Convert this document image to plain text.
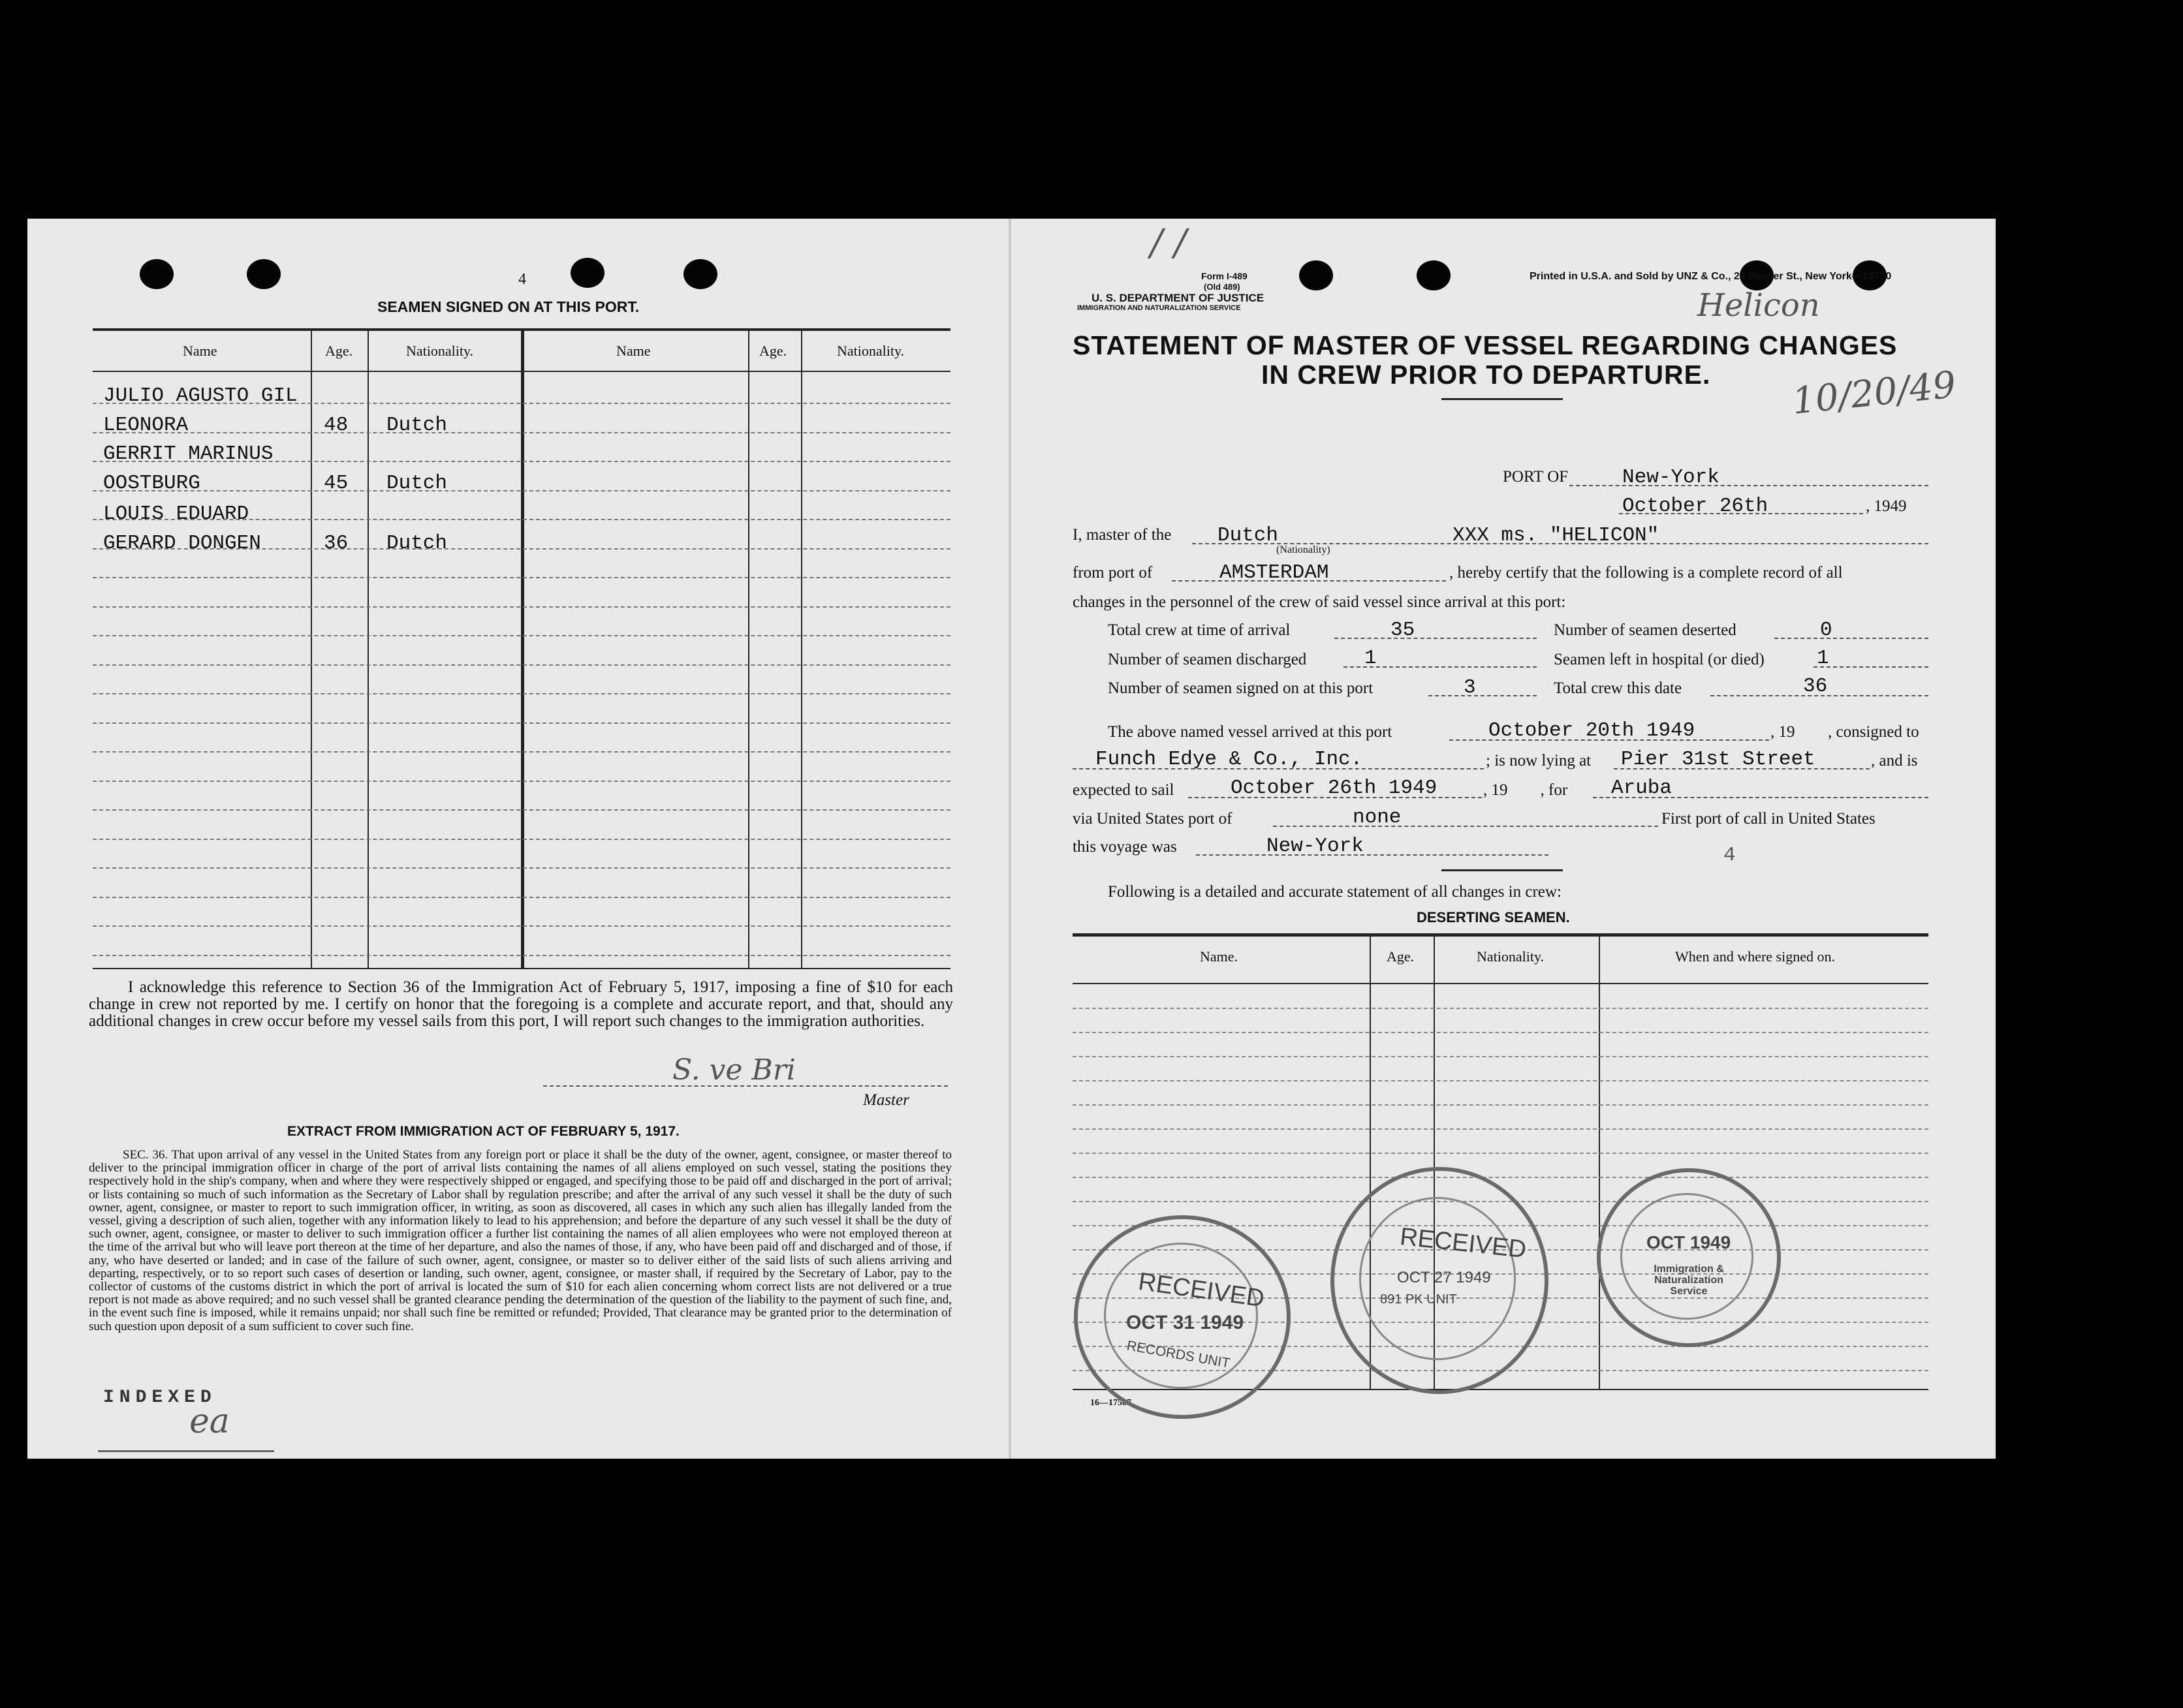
4
SEAMEN SIGNED ON AT THIS PORT.
Name	Age.	Nationality.	Name	Age.	Nationality.
JULIO AGUSTO GIL
LEONORA	48 Dutch
GERRIT MARINUS
OOSTBURG	45 Dutch
LOUIS EDUARD
GERARD DONGEN	36 Dutch
I acknowledge this reference to Section 36 of the Immigration Act of February 5, 1917, imposing a fine of $10 for each change in crew not reported by me. I certify on honor that the foregoing is a complete and accurate report, and that, should any additional changes in crew occur before my vessel sails from this port, I will report such changes to the immigration authorities.
S. ve Bri
Master
EXTRACT FROM IMMIGRATION ACT OF FEBRUARY 5, 1917.
SEC. 36. That upon arrival of any vessel in the United States from any foreign port or place it shall be the duty of the owner, agent, consignee, or master thereof to deliver to the principal immigration officer in charge of the port of arrival lists containing the names of all aliens employed on such vessel, stating the positions they respectively hold in the ship's company, when and where they were respectively shipped or engaged, and specifying those to be paid off and discharged in the port of arrival; or lists containing so much of such information as the Secretary of Labor shall by regulation prescribe; and after the arrival of any such vessel it shall be the duty of such owner, agent, consignee, or master to report to such immigration officer, in writing, as soon as discovered, all cases in which any such alien has illegally landed from the vessel, giving a description of such alien, together with any information likely to lead to his apprehension; and before the departure of any such vessel it shall be the duty of such owner, agent, consignee, or master to deliver to such immigration officer a further list containing the names of all alien employees who were not employed thereon at the time of the arrival but who will leave port thereon at the time of her departure, and also the names of those, if any, who have been paid off and discharged and of those, if any, who have deserted or landed; and in case of the failure of such owner, agent, consignee, or master so to deliver either of the said lists of such aliens arriving and departing, respectively, or to so report such cases of desertion or landing, such owner, agent, consignee, or master shall, if required by the Secretary of Labor, pay to the collector of customs of the customs district in which the port of arrival is located the sum of $10 for each alien concerning whom correct lists are not delivered or a true report is not made as above required; and no such vessel shall be granted clearance pending the determination of the question of the liability to the payment of such fine, and, in the event such fine is imposed, while it remains unpaid; nor shall such fine be remitted or refunded; Provided, That clearance may be granted prior to the determination of such question upon deposit of a sum sufficient to cover such fine.
INDEXED
ea
/ /
Form I-489
(Old 489)
U. S. DEPARTMENT OF JUSTICE
IMMIGRATION AND NATURALIZATION SERVICE
Printed in U.S.A. and Sold by UNZ & Co., 24 Beaver St., New York—13730
Helicon
10/20/49
STATEMENT OF MASTER OF VESSEL REGARDING CHANGES
IN CREW PRIOR TO DEPARTURE.
PORT OF	New-York
October 26th	, 1949
I, master of the Dutch
(Nationality)
XXX ms. "HELICON"
from port of	AMSTERDAM	, hereby certify that the following is a complete record of all
changes in the personnel of the crew of said vessel since arrival at this port:
Total crew at time of arrival	35	Number of seamen deserted	0
Number of seamen discharged	1	Seamen left in hospital (or died)	1
Number of seamen signed on at this port	3	Total crew this date	36
The above named vessel arrived at this port	October 20th 1949	, 19 , consigned to
Funch Edye & Co., Inc.	; is now lying at Pier 31st Street	, and is
expected to sail	October 26th 1949	, 19        , for Aruba
via United States port of	none	First port of call in United States
this voyage was	New-York	4
Following is a detailed and accurate statement of all changes in crew:
DESERTING SEAMEN.
Name.	Age.	Nationality.	When and where signed on.
16—17587
RECEIVED
OCT 31 1949
RECORDS UNIT
RECEIVED
OCT 27 1949
891 PK UNIT
OCT 1949
Immigration & Naturalization Service
